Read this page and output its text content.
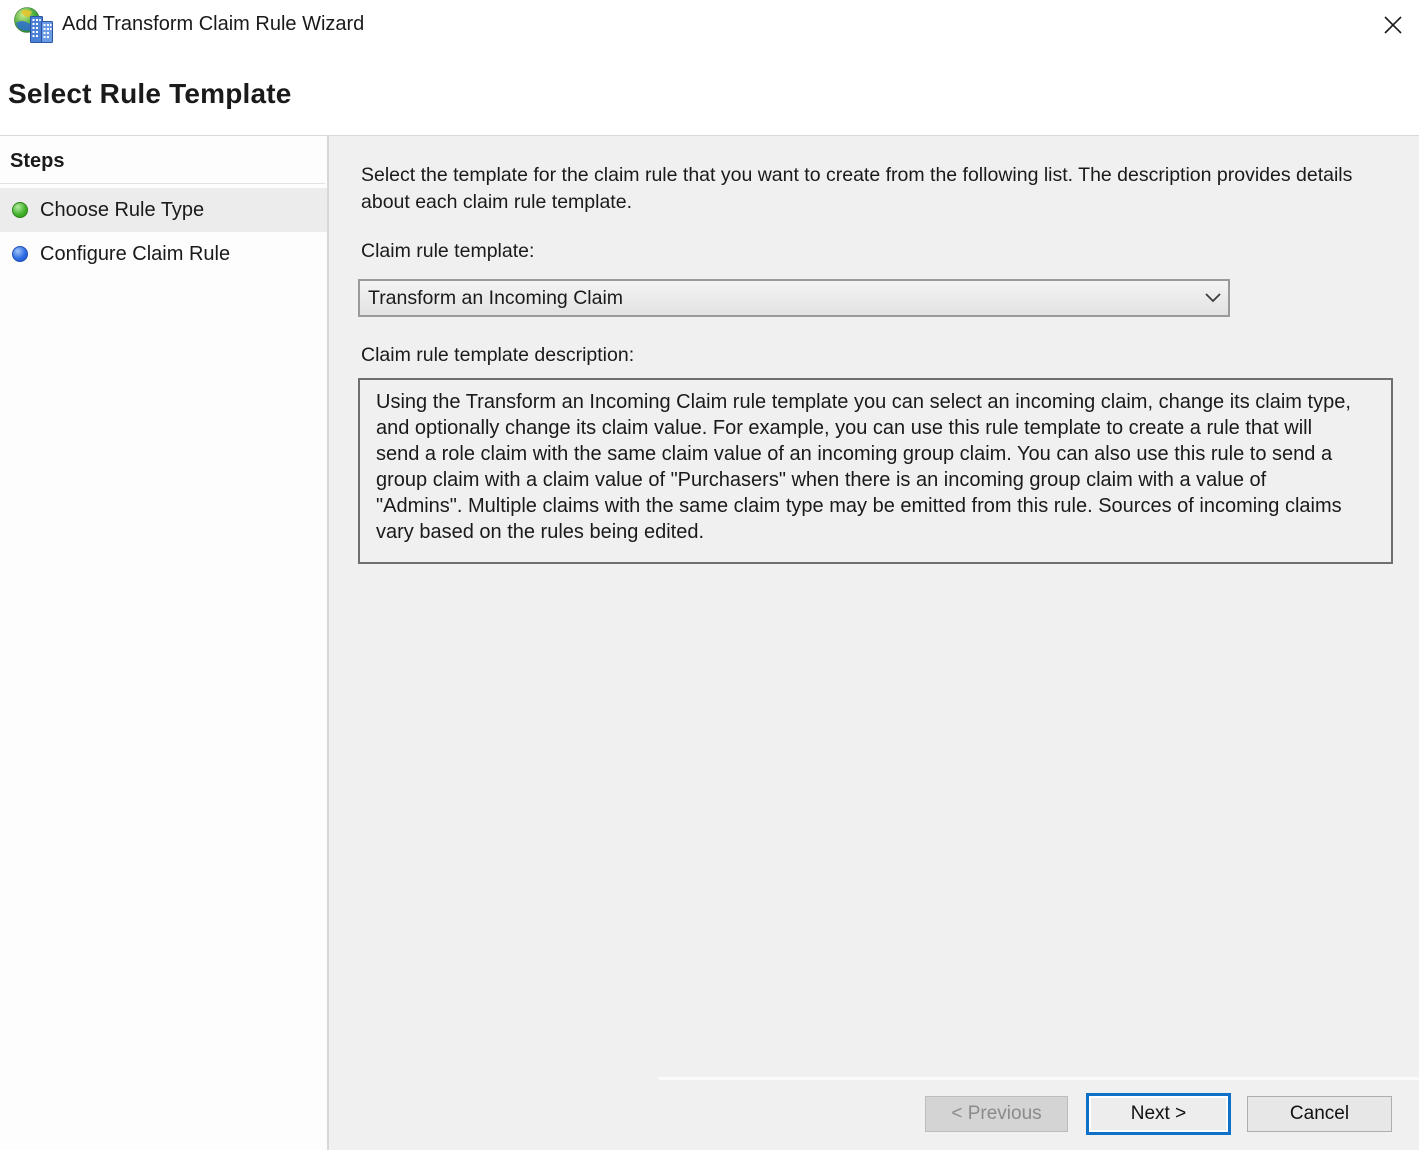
Add Transform Claim Rule Wizard
Select Rule Template
Steps
Choose Rule Type
Configure Claim Rule

Select the template for the claim rule that you want to create from the following list. The description provides details about each claim rule template.

Claim rule template:
Transform an Incoming Claim
Claim rule template description:

Using the Transform an Incoming Claim rule template you can select an incoming claim, change its claim type, and optionally change its claim value. For example, you can use this rule template to create a rule that will send a role claim with the same claim value of an incoming group claim. You can also use this rule to send a group claim with a claim value of "Purchasers" when there is an incoming group claim with a value of "Admins". Multiple claims with the same claim type may be emitted from this rule. Sources of incoming claims vary based on the rules being edited.

< Previous	Next >	Cancel
